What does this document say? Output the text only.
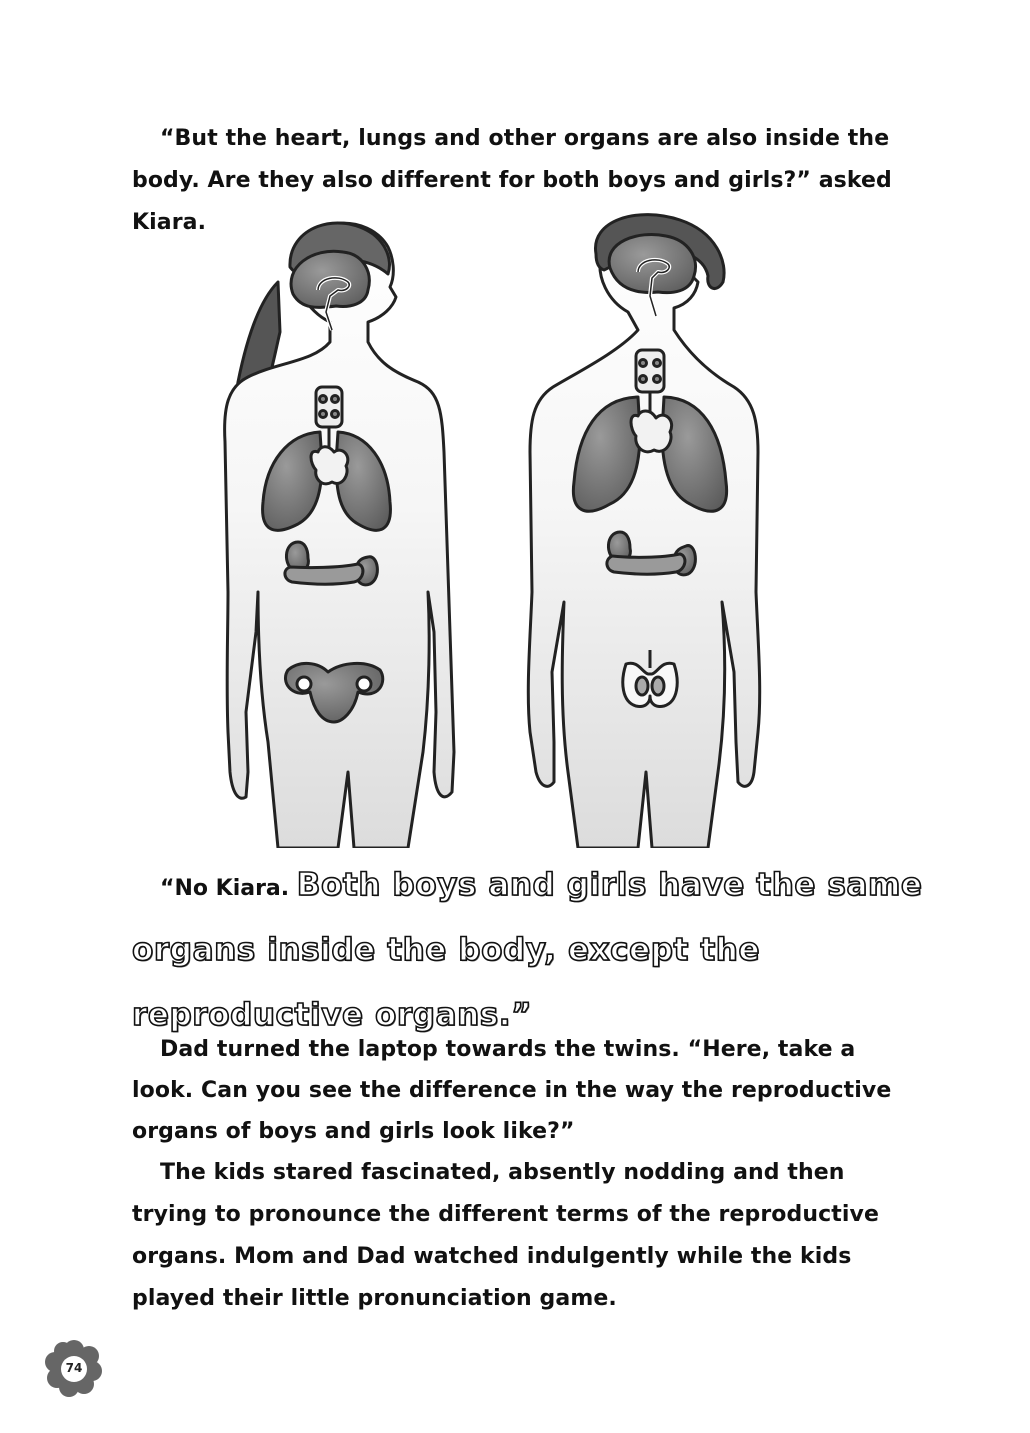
“But the heart, lungs and other organs are also inside the body. Are they also different for both boys and girls?” asked Kiara.
“No Kiara. Both boys and girls have the same organs inside the body, except the reproductive organs.”
Dad turned the laptop towards the twins. “Here, take a look. Can you see the difference in the way the reproductive organs of boys and girls look like?”
The kids stared fascinated, absently nodding and then trying to pronounce the different terms of the reproductive organs. Mom and Dad watched indulgently while the kids played their little pronunciation game.
74
